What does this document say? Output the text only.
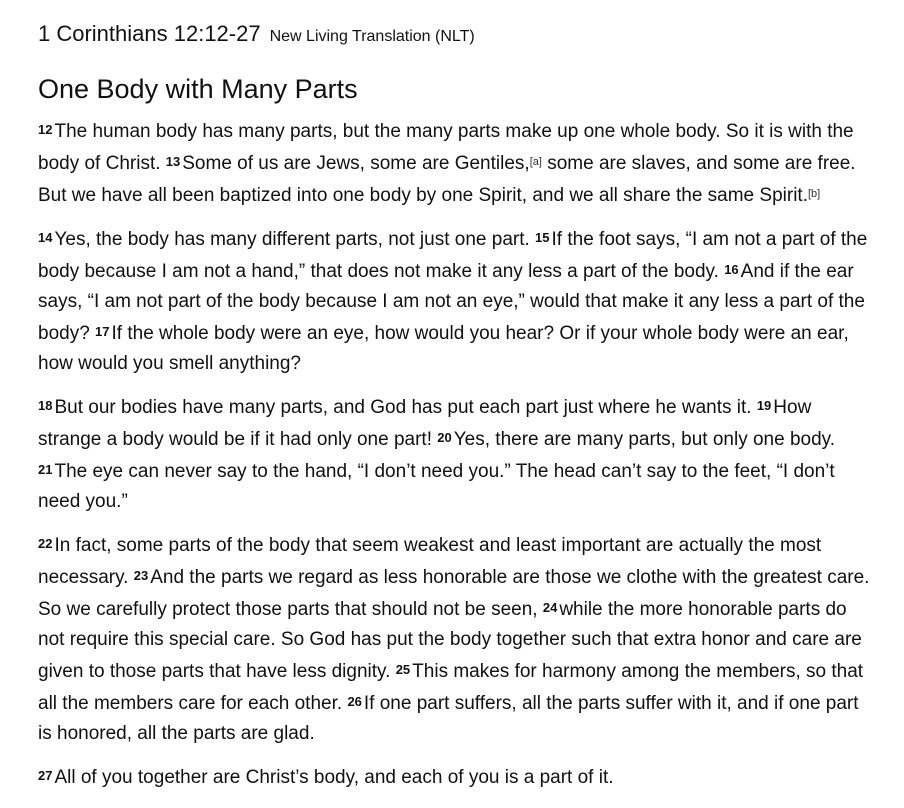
1 Corinthians 12:12-27 New Living Translation (NLT)

One Body with Many Parts

12 The human body has many parts, but the many parts make up one whole body. So it is with the body of Christ. 13 Some of us are Jews, some are Gentiles,[a] some are slaves, and some are free. But we have all been baptized into one body by one Spirit, and we all share the same Spirit.[b]

14 Yes, the body has many different parts, not just one part. 15 If the foot says, “I am not a part of the body because I am not a hand,” that does not make it any less a part of the body. 16 And if the ear says, “I am not part of the body because I am not an eye,” would that make it any less a part of the body? 17 If the whole body were an eye, how would you hear? Or if your whole body were an ear, how would you smell anything?

18 But our bodies have many parts, and God has put each part just where he wants it. 19 How strange a body would be if it had only one part! 20 Yes, there are many parts, but only one body. 21 The eye can never say to the hand, “I don’t need you.” The head can’t say to the feet, “I don’t need you.”

22 In fact, some parts of the body that seem weakest and least important are actually the most necessary. 23 And the parts we regard as less honorable are those we clothe with the greatest care. So we carefully protect those parts that should not be seen, 24 while the more honorable parts do not require this special care. So God has put the body together such that extra honor and care are given to those parts that have less dignity. 25 This makes for harmony among the members, so that all the members care for each other. 26 If one part suffers, all the parts suffer with it, and if one part is honored, all the parts are glad.

27 All of you together are Christ’s body, and each of you is a part of it.
